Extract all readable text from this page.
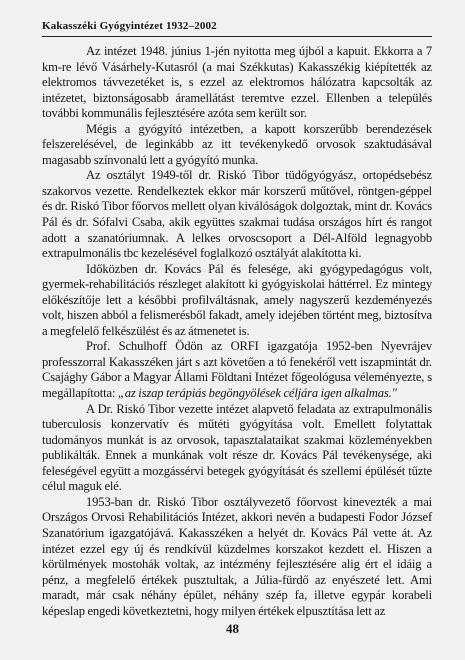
Kakasszéki Gyógyintézet 1932–2002

Az intézet 1948. június 1-jén nyitotta meg újból a kapuit. Ekkorra a 7 km-re lévő Vásárhely-Kutasról (a mai Székkutas) Kakasszékig kiépítették az elektromos távvezetéket is, s ezzel az elektromos hálózatra kapcsolták az intézetet, biztonságosabb áramellátást teremtve ezzel. Ellenben a település további kommunális fejlesztésére azóta sem került sor.

Mégis a gyógyító intézetben, a kapott korszerűbb berendezések felszerelésével, de leginkább az itt tevékenykedő orvosok szaktudásával magasabb színvonalú lett a gyógyító munka.

Az osztályt 1949-től dr. Riskó Tibor tüdőgyógyász, ortopédsebész szakorvos vezette. Rendelkeztek ekkor már korszerű műtővel, röntgen-géppel és dr. Riskó Tibor főorvos mellett olyan kiválóságok dolgoztak, mint dr. Kovács Pál és dr. Sófalvi Csaba, akik együttes szakmai tudása országos hírt és rangot adott a szanatóriumnak. A lelkes orvoscsoport a Dél-Alföld legnagyobb extrapulmonális tbc kezelésével foglalkozó osztályát alakította ki.

Időközben dr. Kovács Pál és felesége, aki gyógypedagógus volt, gyermek-rehabilitációs részleget alakított ki gyógyiskolai háttérrel. Ez mintegy előkészítője lett a későbbi profilváltásnak, amely nagyszerű kezdeményezés volt, hiszen abból a felismerésből fakadt, amely idejében történt meg, biztosítva a megfelelő felkészülést és az átmenetet is.

Prof. Schulhoff Ödön az ORFI igazgatója 1952-ben Nyevrájev professzorral Kakasszéken járt s azt követően a tó fenekéről vett iszapmintát dr. Csajághy Gábor a Magyar Állami Földtani Intézet főgeológusa véleményezte, s megállapította: „az iszap terápiás begöngyölések céljára igen alkalmas."

A Dr. Riskó Tibor vezette intézet alapvető feladata az extrapulmonális tuberculosis konzervatív és műtéti gyógyítása volt. Emellett folytattak tudományos munkát is az orvosok, tapasztalataikat szakmai közleményekben publikálták. Ennek a munkának volt része dr. Kovács Pál tevékenysége, aki feleségével együtt a mozgássérvi betegek gyógyítását és szellemi épülését tűzte célul maguk elé.

1953-ban dr. Riskó Tibor osztályvezető főorvost kinevezték a mai Országos Orvosi Rehabilitációs Intézet, akkori nevén a budapesti Fodor József Szanatórium igazgatójává. Kakasszéken a helyét dr. Kovács Pál vette át. Az intézet ezzel egy új és rendkívül küzdelmes korszakot kezdett el. Hiszen a körülmények mostohák voltak, az intézmény fejlesztésére alig ért el idáig a pénz, a megfelelő értékek pusztultak, a Júlia-fürdő az enyészeté lett. Ami maradt, már csak néhány épület, néhány szép fa, illetve egypár korabeli képeslap engedi következtetni, hogy milyen értékek elpusztítása lett az

48
